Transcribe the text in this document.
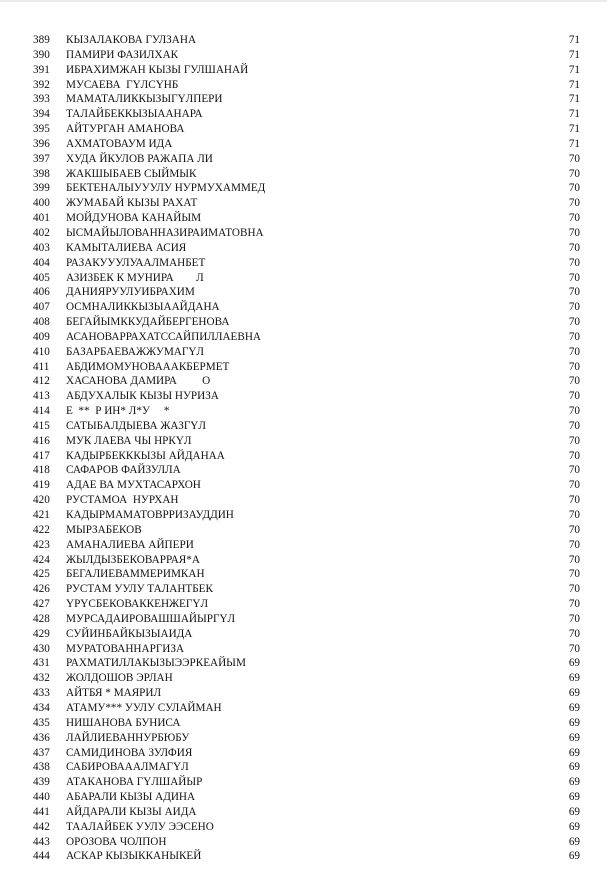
389	КЫЗАЛАКОВА ГУЛЗАНА	71
390	ПАМИРИ ФАЗИЛХАК	71
391	ИБРАХИМЖАН КЫЗЫ ГУЛШАНАЙ	71
392	МУСАЕВА  ГҮЛСҮНБ	71
393	МАМАТАЛИККЫЗЫГҮЛПЕРИ	71
394	ТАЛАЙБЕККЫЗЫААНАРА	71
395	АЙТУРГАН АМАНОВА	71
396	АХМАТОВАУМ ИДА	71
397	ХУДА ЙКУЛОВ РАЖАПА ЛИ	70
398	ЖАКШЫБАЕВ СЫЙМЫК	70
399	БЕКТЕНАЛЫУУУЛУ НУРМУХАММЕД	70
400	ЖУМАБАЙ КЫЗЫ РАХАТ	70
401	МОЙДУНОВА КАНАЙЫМ	70
402	ЫСМАЙЫЛОВАННАЗИРАИМАТОВНА	70
403	КАМЫТАЛИЕВА АСИЯ	70
404	РАЗАКУУУЛУААЛМАНБЕТ	70
405	АЗИЗБЕК К МУНИРА        Л	70
406	ДАНИЯРУУЛУИБРАХИМ	70
407	ОСМНАЛИККЫЗЫААЙДАНА	70
408	БЕГАЙЫМККУДАЙБЕРГЕНОВА	70
409	АСАНОВАРРАХАТССАЙПИЛЛАЕВНА	70
410	БАЗАРБАЕВАЖЖУМАГҮЛ	70
411	АБДИМОМУНОВАААКБЕРМЕТ	70
412	ХАСАНОВА ДАМИРА         О	70
413	АБДУХАЛЫК КЫЗЫ НУРИЗА	70
414	Е  **  Р ИН* Л*У     *	70
415	САТЫБАЛДЫЕВА ЖАЗГҮЛ	70
416	МУК ЛАЕВА ЧЫ НРКҮЛ	70
417	КАДЫРБЕКККЫЗЫ АЙДАНАА	70
418	САФАРОВ ФАЙЗУЛЛА	70
419	АДАЕ ВА МУХТАСАРХОН	70
420	РУСТАМОА  НУРХАН	70
421	КАДЫРМАМАТОВРРИЗАУДДИН	70
422	МЫРЗАБЕКОВ	70
423	АМАНАЛИЕВА АЙПЕРИ	70
424	ЖЫЛДЫЗБЕКОВАРРАЯ*А	70
425	БЕГАЛИЕВАММЕРИМКАН	70
426	РУСТАМ УУЛУ ТАЛАНТБЕК	70
427	ҮРҮСБЕКОВАККЕНЖЕГҮЛ	70
428	МУРСАДАИРОВАШШАЙЫРГҮЛ	70
429	СУЙИНБАЙКЫЗЫАИДА	70
430	МУРАТОВАННАРГИЗА	70
431	РАХМАТИЛЛАКЫЗЫЭЭРКЕАЙЫМ	69
432	ЖОЛДОШОВ ЭРЛАН	69
433	АЙТБЯ * МАЯРИЛ	69
434	АТАМУ*** УУЛУ СУЛАЙМАН	69
435	НИШАНОВА БУНИСА	69
436	ЛАЙЛИЕВАННУРБЮБУ	69
437	САМИДИНОВА ЗУЛФИЯ	69
438	САБИРОВАААЛМАГҮЛ	69
439	АТАКАНОВА ГҮЛШАЙЫР	69
440	АБАРАЛИ КЫЗЫ АДИНА	69
441	АЙДАРАЛИ КЫЗЫ АИДА	69
442	ТААЛАЙБЕК УУЛУ ЭЭСЕНО	69
443	ОРОЗОВА ЧОЛПОН	69
444	АСКАР КЫЗЫККАНЫКЕЙ	69
